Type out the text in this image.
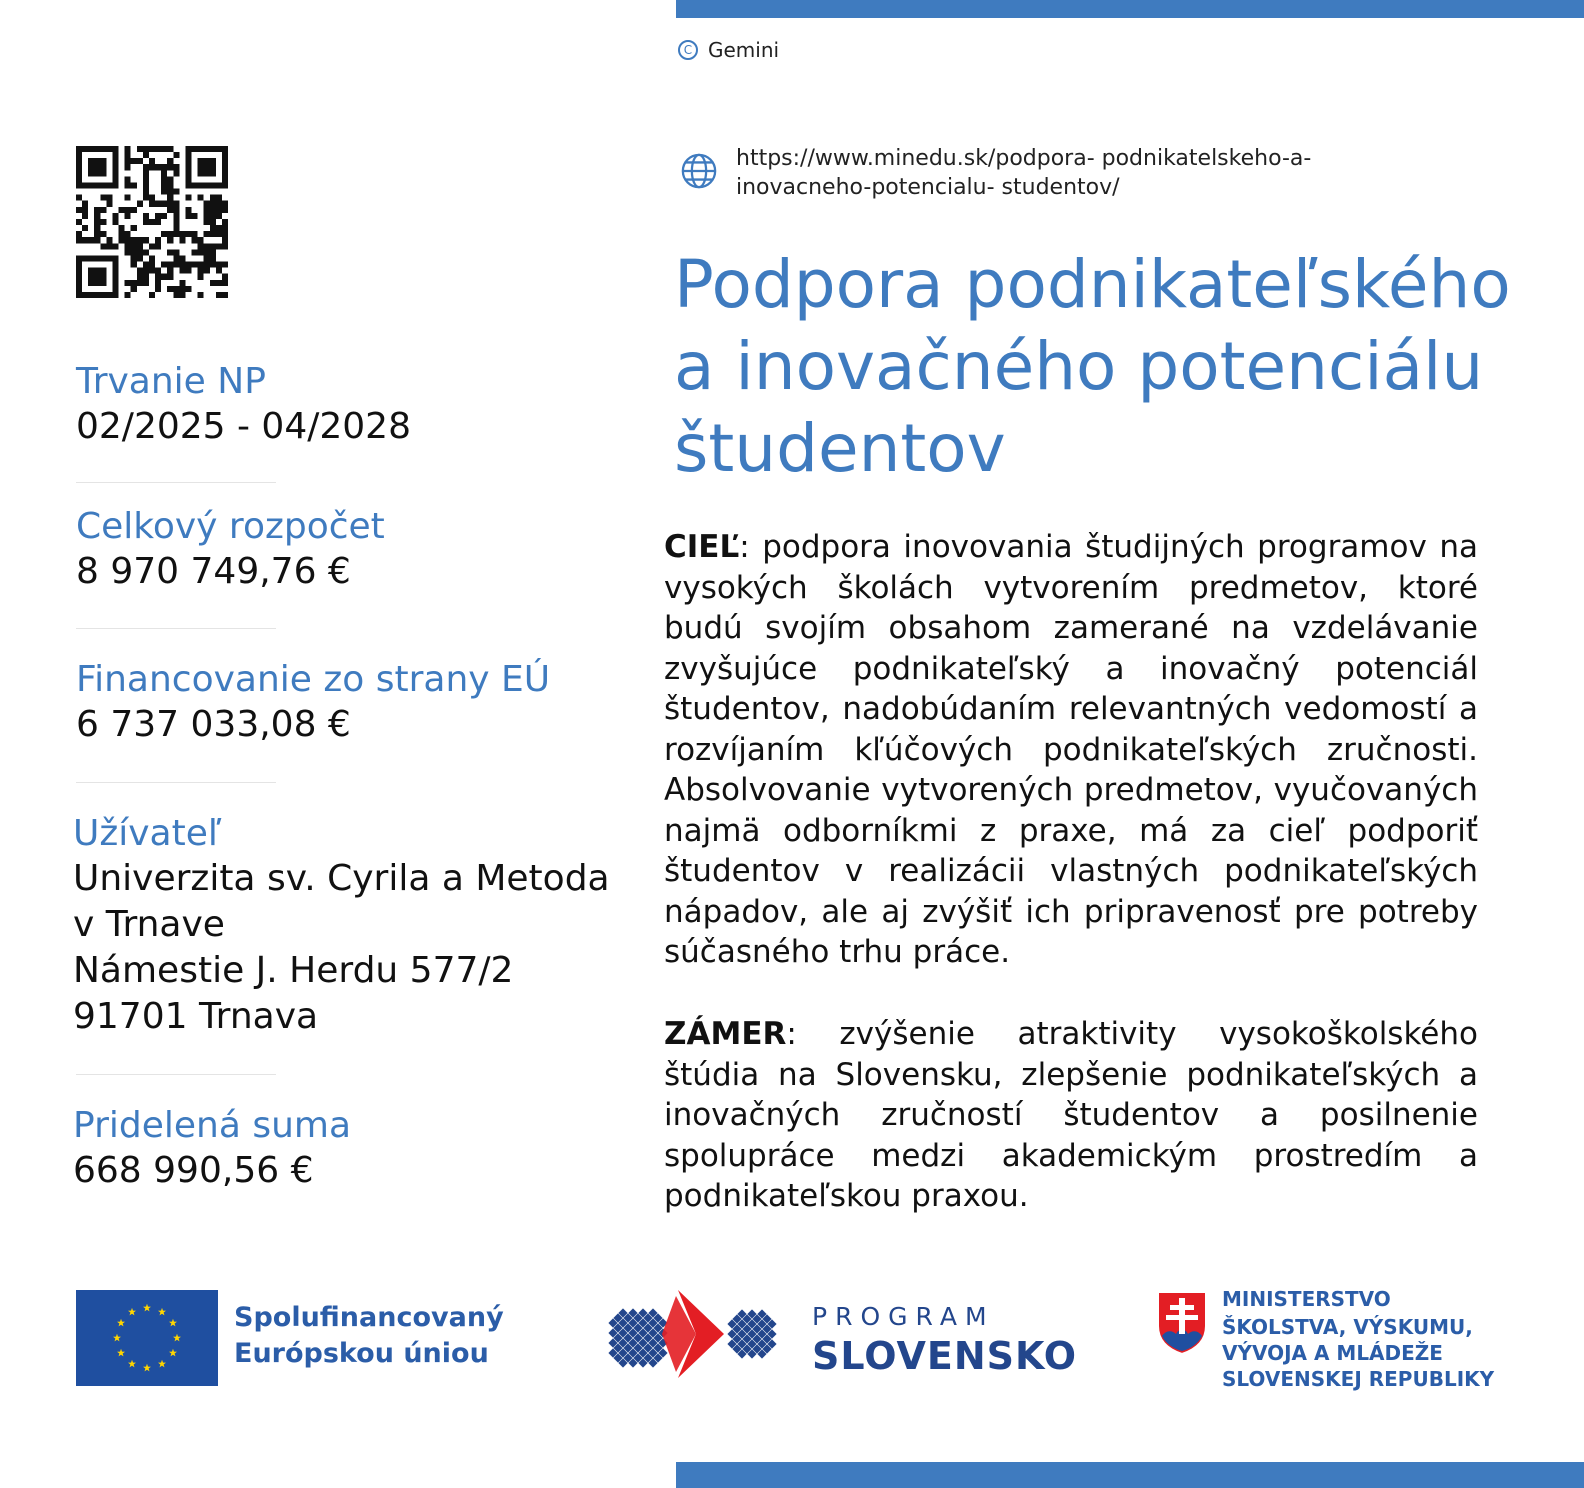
C Gemini
Trvanie NP
02/2025 - 04/2028
Celkový rozpočet
8 970 749,76 €
Financovanie zo strany EÚ
6 737 033,08 €
Užívateľ
Univerzita sv. Cyrila a Metoda
v Trnave
Námestie J. Herdu 577/2
91701 Trnava
Pridelená suma
668 990,56 €
https://www.minedu.sk/podpora- podnikatelskeho-a-inovacneho-potencialu- studentov/
Podpora podnikateľského a inovačného potenciálu študentov

CIEĽ: podpora inovovania študijných programov na vysokých školách vytvorením predmetov, ktoré budú svojím obsahom zamerané na vzdelávanie zvyšujúce podnikateľský a inovačný potenciál študentov, nadobúdaním relevantných vedomostí a rozvíjaním kľúčových podnikateľských zručnosti. Absolvovanie vytvorených predmetov, vyučovaných najmä odborníkmi z praxe, má za cieľ podporiť študentov v realizácii vlastných podnikateľských nápadov, ale aj zvýšiť ich pripravenosť pre potreby súčasného trhu práce.

ZÁMER: zvýšenie atraktivity vysokoškolského štúdia na Slovensku, zlepšenie podnikateľských a inovačných zručností študentov a posilnenie spolupráce medzi akademickým prostredím a podnikateľskou praxou.

Spolufinancovaný
Európskou úniou
PROGRAM
SLOVENSKO
MINISTERSTVO
ŠKOLSTVA, VÝSKUMU,
VÝVOJA A MLÁDEŽE
SLOVENSKEJ REPUBLIKY
